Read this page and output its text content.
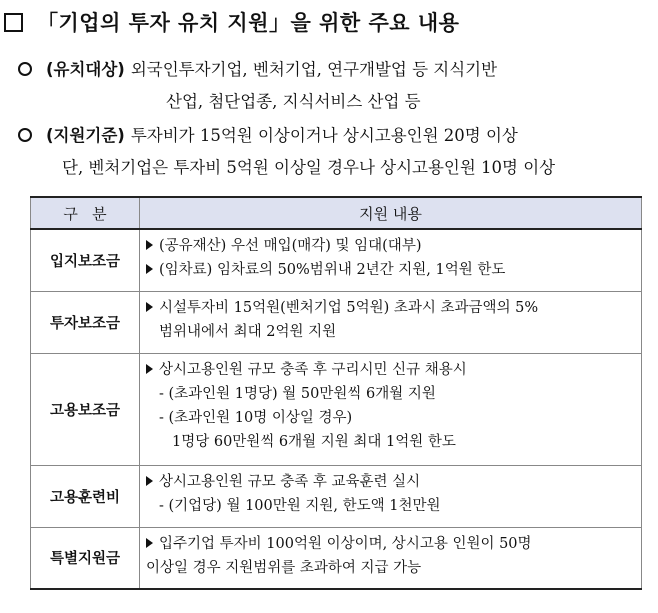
「기업의 투자 유치 지원」을 위한 주요 내용
(유치대상) 외국인투자기업, 벤처기업, 연구개발업 등 지식기반
산업, 첨단업종, 지식서비스 산업 등
(지원기준) 투자비가 15억원 이상이거나 상시고용인원 20명 이상
단, 벤처기업은 투자비 5억원 이상일 경우나 상시고용인원 10명 이상
구   분	지원 내용
입지보조금	(공유재산) 우선 매입(매각) 및 임대(대부)
(임차료) 임차료의 50%범위내 2년간 지원, 1억원 한도

투자보조금	시설투자비 15억원(벤처기업 5억원) 초과시 초과금액의 5%
범위내에서 최대 2억원 지원

고용보조금	상시고용인원 규모 충족 후 구리시민 신규 채용시
- (초과인원 1명당) 월 50만원씩 6개월 지원
- (초과인원 10명 이상일 경우)
1명당 60만원씩 6개월 지원 최대 1억원 한도

고용훈련비	상시고용인원 규모 충족 후 교육훈련 실시
- (기업당) 월 100만원 지원, 한도액 1천만원

특별지원금	입주기업 투자비 100억원 이상이며, 상시고용 인원이 50명
이상일 경우 지원범위를 초과하여 지급 가능
